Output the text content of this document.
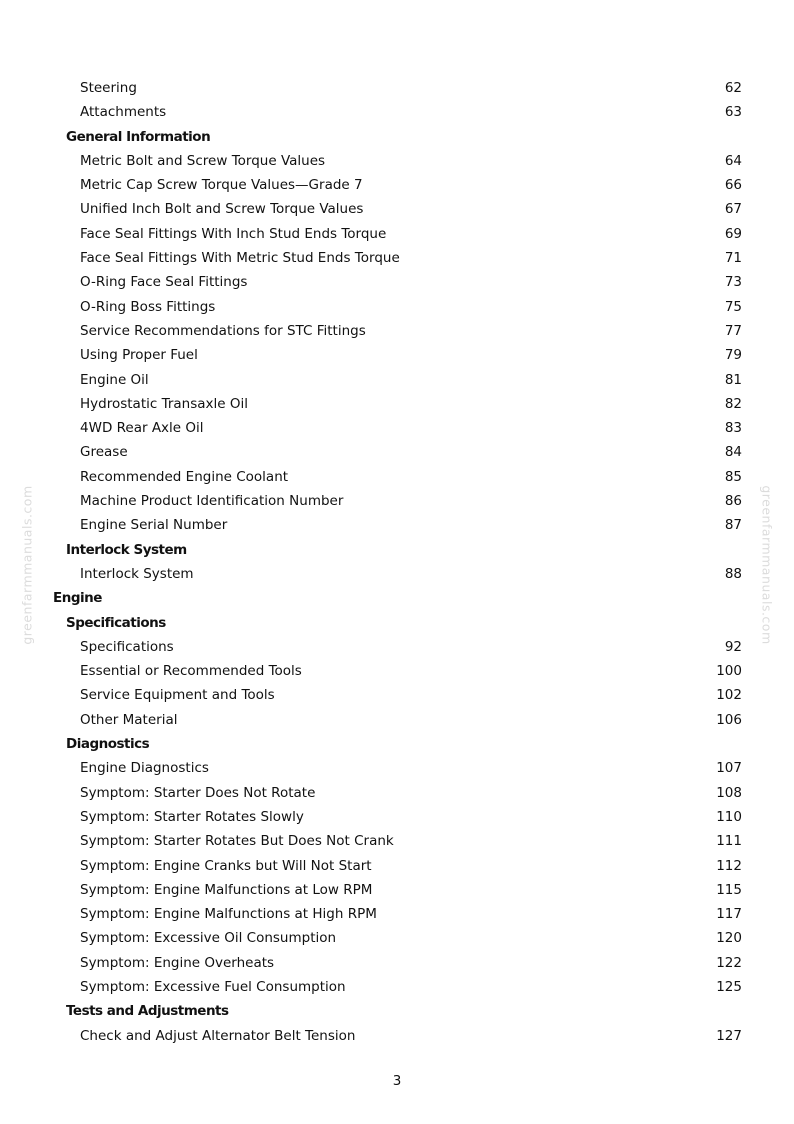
greenfarmmanuals.com	greenfarmmanuals.com
Steering	62
Attachments	63
General Information
Metric Bolt and Screw Torque Values	64
Metric Cap Screw Torque Values—Grade 7	66
Unified Inch Bolt and Screw Torque Values	67
Face Seal Fittings With Inch Stud Ends Torque	69
Face Seal Fittings With Metric Stud Ends Torque	71
O-Ring Face Seal Fittings	73
O-Ring Boss Fittings	75
Service Recommendations for STC Fittings	77
Using Proper Fuel	79
Engine Oil	81
Hydrostatic Transaxle Oil	82
4WD Rear Axle Oil	83
Grease	84
Recommended Engine Coolant	85
Machine Product Identification Number	86
Engine Serial Number	87
Interlock System
Interlock System	88
Engine
Specifications
Specifications	92
Essential or Recommended Tools	100
Service Equipment and Tools	102
Other Material	106
Diagnostics
Engine Diagnostics	107
Symptom: Starter Does Not Rotate	108
Symptom: Starter Rotates Slowly	110
Symptom: Starter Rotates But Does Not Crank	111
Symptom: Engine Cranks but Will Not Start	112
Symptom: Engine Malfunctions at Low RPM	115
Symptom: Engine Malfunctions at High RPM	117
Symptom: Excessive Oil Consumption	120
Symptom: Engine Overheats	122
Symptom: Excessive Fuel Consumption	125
Tests and Adjustments
Check and Adjust Alternator Belt Tension	127
3
